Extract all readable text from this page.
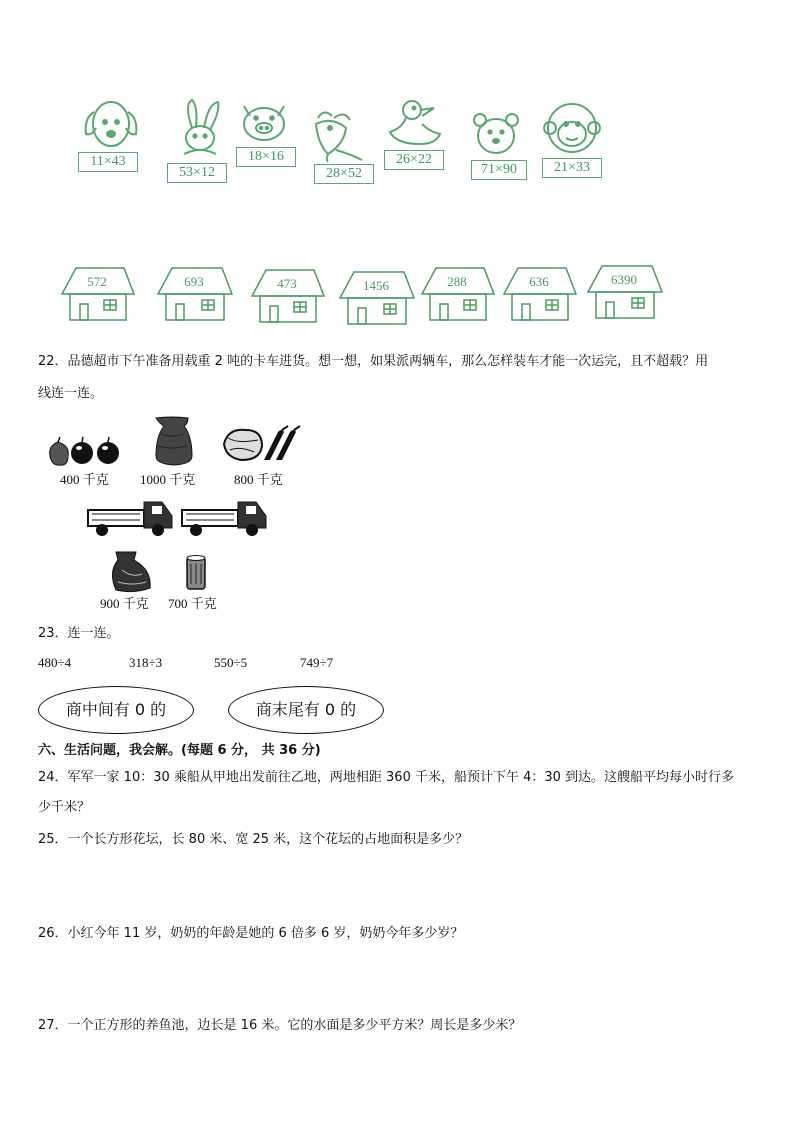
11×43
53×12
18×16
28×52
26×22
71×90	21×33
572	693	473	1456	288	636	6390
22．品德超市下午准备用载重 2 吨的卡车进货。想一想，如果派两辆车，那么怎样装车才能一次运完，且不超载？用
线连一连。
400 千克 1000 千克	800 千克
900 千克 700 千克
23．连一连。
480÷4	318÷3	550÷5	749÷7
商中间有 0 的	商末尾有 0 的
六、生活问题，我会解。(每题 6 分， 共 36 分)
24．军军一家 10：30 乘船从甲地出发前往乙地，两地相距 360 千米，船预计下午 4：30 到达。这艘船平均每小时行多
少千米？
25．一个长方形花坛，长 80 米、宽 25 米，这个花坛的占地面积是多少？
26．小红今年 11 岁，奶奶的年龄是她的 6 倍多 6 岁，奶奶今年多少岁？
27．一个正方形的养鱼池，边长是 16 米。它的水面是多少平方米？周长是多少米？
